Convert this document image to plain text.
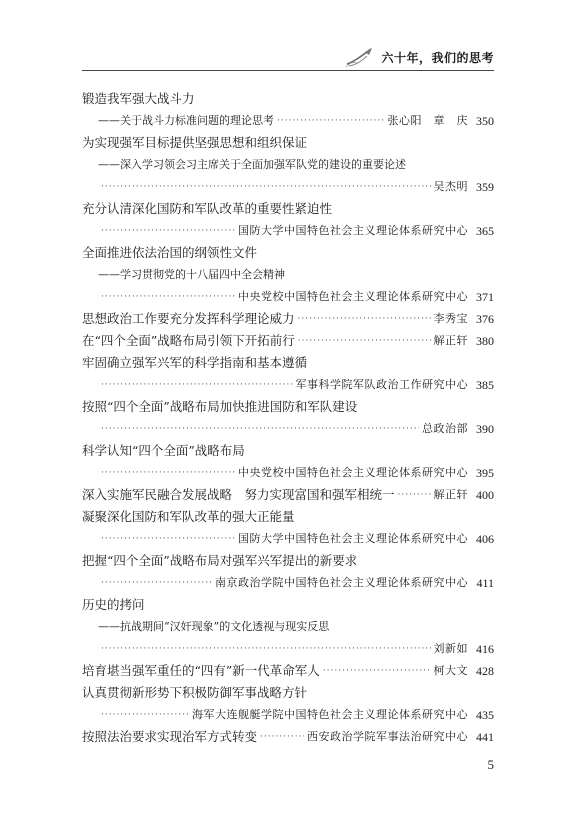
六十年，我们的思考
锻造我军强大战斗力
——关于战斗力标准问题的理论思考 ·····	张心阳　章　庆 350
为实现强军目标提供坚强思想和组织保证
——深入学习领会习主席关于全面加强军队党的建设的重要论述
·····
吴杰明 359
充分认清深化国防和军队改革的重要性紧迫性
·····
国防大学中国特色社会主义理论体系研究中心 365
全面推进依法治国的纲领性文件
——学习贯彻党的十八届四中全会精神
·····
中央党校中国特色社会主义理论体系研究中心 371
思想政治工作要充分发挥科学理论威力 ·····	李秀宝 376
在“四个全面”战略布局引领下开拓前行 ·····	解正轩 380
牢固确立强军兴军的科学指南和基本遵循
·····
军事科学院军队政治工作研究中心 385
按照“四个全面”战略布局加快推进国防和军队建设
·····
总政治部 390
科学认知“四个全面”战略布局
·····
中央党校中国特色社会主义理论体系研究中心 395
深入实施军民融合发展战略　努力实现富国和强军相统一 ·····	解正轩 400
凝聚深化国防和军队改革的强大正能量
·····
国防大学中国特色社会主义理论体系研究中心 406
把握“四个全面”战略布局对强军兴军提出的新要求
·····
南京政治学院中国特色社会主义理论体系研究中心 411
历史的拷问
——抗战期间“汉奸现象”的文化透视与现实反思
·····
刘新如 416
培育堪当强军重任的“四有”新一代革命军人 ·····	柯大文 428
认真贯彻新形势下积极防御军事战略方针
·····
海军大连舰艇学院中国特色社会主义理论体系研究中心 435
按照法治要求实现治军方式转变 ·····	西安政治学院军事法治研究中心 441
5
